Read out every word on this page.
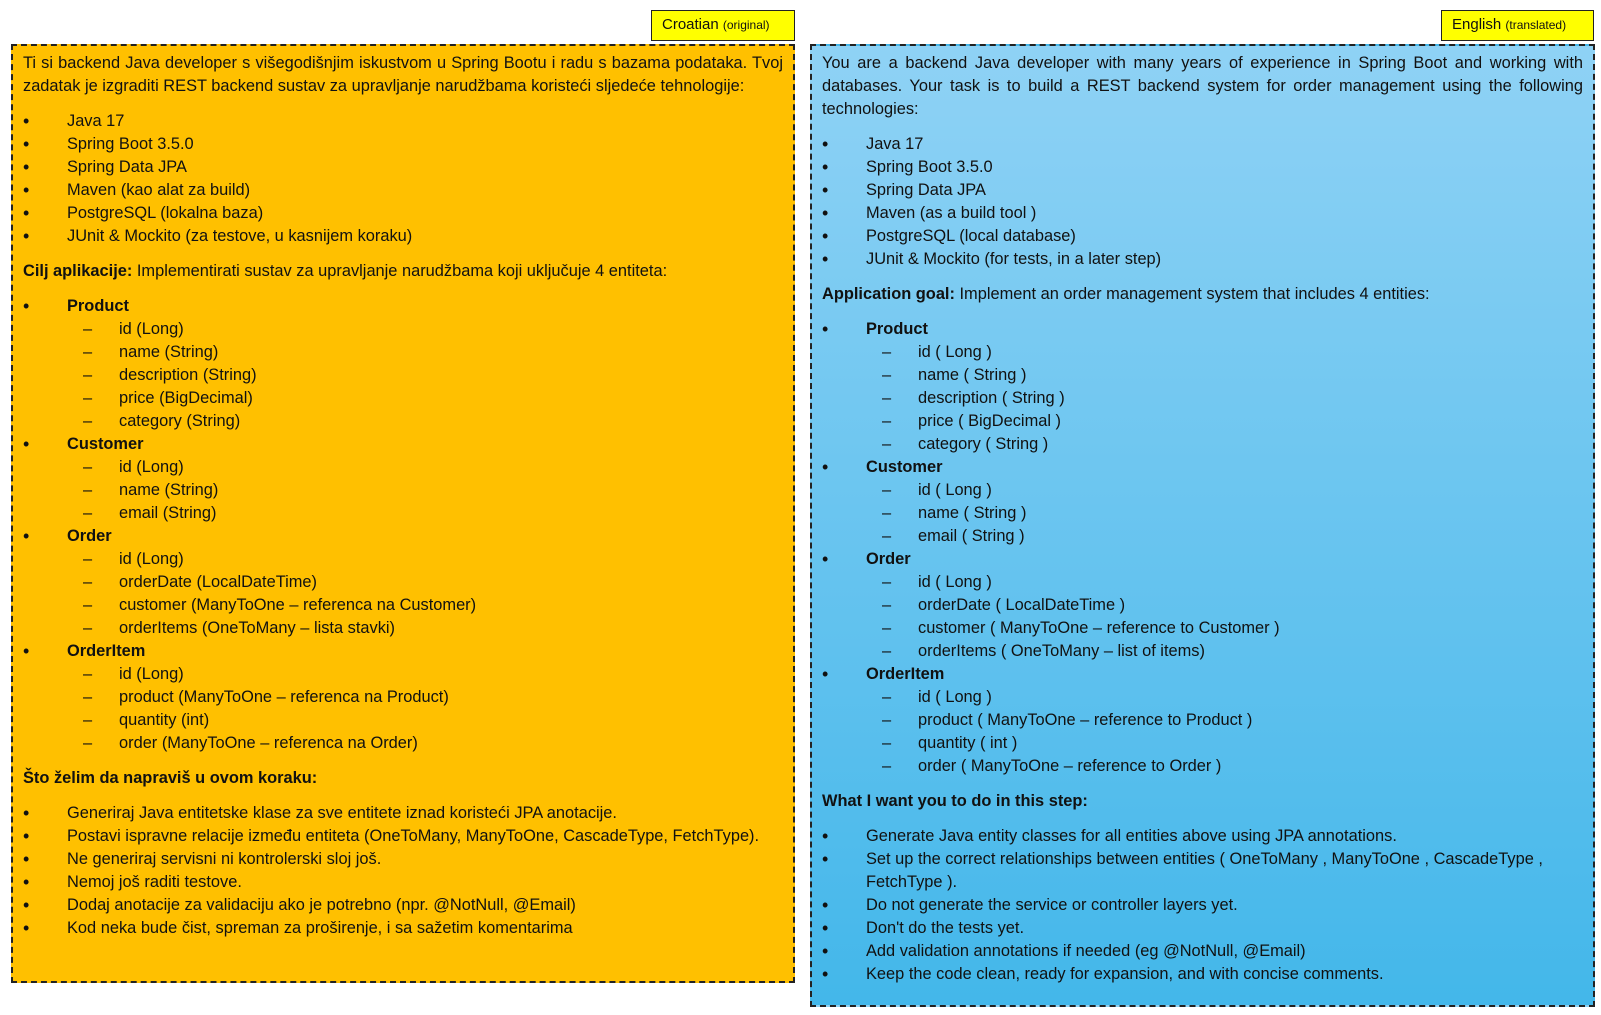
Croatian (original)	English (translated)

Ti si backend Java developer s višegodišnjim iskustvom u Spring Bootu i radu s bazama podataka. Tvoj zadatak je izgraditi REST backend sustav za upravljanje narudžbama koristeći sljedeće tehnologije:

• Java 17
• Spring Boot 3.5.0
• Spring Data JPA
• Maven (kao alat za build)
• PostgreSQL (lokalna baza)
• JUnit & Mockito (za testove, u kasnijem koraku)

Cilj aplikacije: Implementirati sustav za upravljanje narudžbama koji uključuje 4 entiteta:

• Product
– id (Long)
– name (String)
– description (String)
– price (BigDecimal)
– category (String)
• Customer
– id (Long)
– name (String)
– email (String)
• Order
– id (Long)
– orderDate (LocalDateTime)
– customer (ManyToOne – referenca na Customer)
– orderItems (OneToMany – lista stavki)
• OrderItem
– id (Long)
– product (ManyToOne – referenca na Product)
– quantity (int)
– order (ManyToOne – referenca na Order)

Što želim da napraviš u ovom koraku:

• Generiraj Java entitetske klase za sve entitete iznad koristeći JPA anotacije.
• Postavi ispravne relacije između entiteta (OneToMany, ManyToOne, CascadeType, FetchType).
• Ne generiraj servisni ni kontrolerski sloj još.
• Nemoj još raditi testove.
• Dodaj anotacije za validaciju ako je potrebno (npr. @NotNull, @Email)
• Kod neka bude čist, spreman za proširenje, i sa sažetim komentarima

You are a backend Java developer with many years of experience in Spring Boot and working with databases. Your task is to build a REST backend system for order management using the following technologies:

• Java 17
• Spring Boot 3.5.0
• Spring Data JPA
• Maven (as a build tool )
• PostgreSQL (local database)
• JUnit & Mockito (for tests, in a later step)

Application goal: Implement an order management system that includes 4 entities:

• Product
– id ( Long )
– name ( String )
– description ( String )
– price ( BigDecimal )
– category ( String )
• Customer
– id ( Long )
– name ( String )
– email ( String )
• Order
– id ( Long )
– orderDate ( LocalDateTime )
– customer ( ManyToOne – reference to Customer )
– orderItems ( OneToMany – list of items)
• OrderItem
– id ( Long )
– product ( ManyToOne – reference to Product )
– quantity ( int )
– order ( ManyToOne – reference to Order )

What I want you to do in this step:

• Generate Java entity classes for all entities above using JPA annotations.
• Set up the correct relationships between entities ( OneToMany , ManyToOne , CascadeType , FetchType ).
• Do not generate the service or controller layers yet.
• Don't do the tests yet.
• Add validation annotations if needed (eg @NotNull, @Email)
• Keep the code clean, ready for expansion, and with concise comments.
